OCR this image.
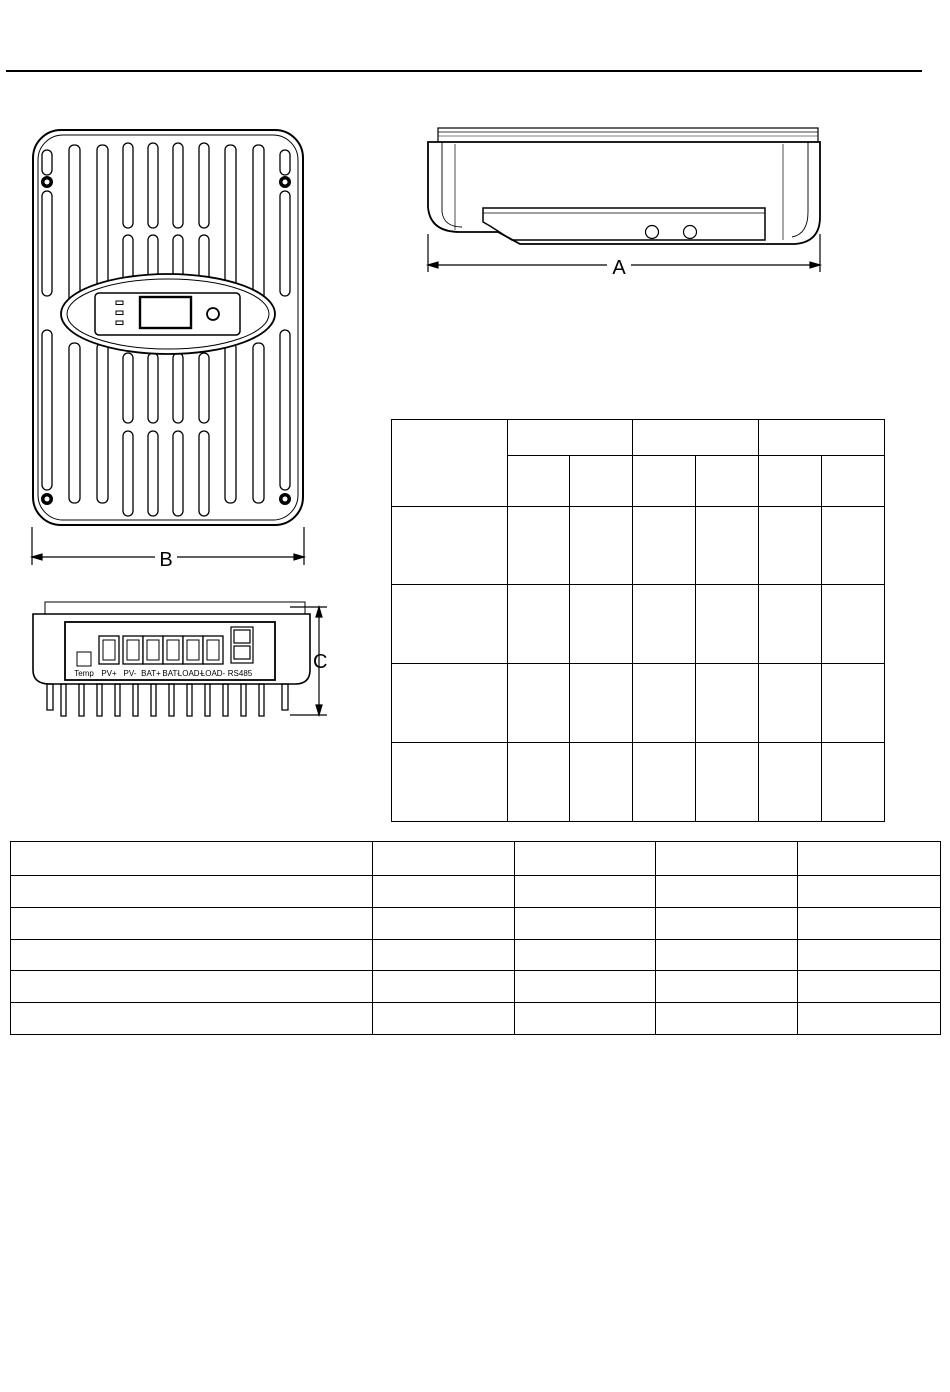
B
A
Temp PV+ PV- BAT+ BAT-
LOAD+
LOAD- RS485
C
